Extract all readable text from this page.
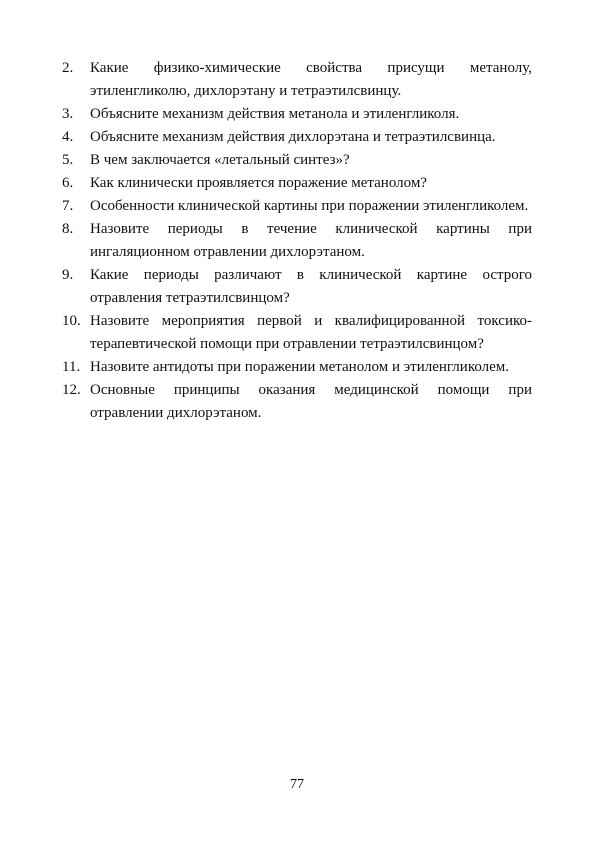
2.	Какие физико-химические свойства присущи метанолу, этиленгликолю, дихлорэтану и тетраэтилсвинцу.
3.	Объясните механизм действия метанола и этиленгликоля.
4.	Объясните механизм действия дихлорэтана и тетраэтилсвинца.
5.	В чем заключается «летальный синтез»?
6.	Как клинически проявляется поражение метанолом?
7.	Особенности клинической картины при поражении этиленгликолем.
8.	Назовите периоды в течение клинической картины при ингаляционном отравлении дихлорэтаном.
9.	Какие периоды различают в клинической картине острого отравления тетраэтилсвинцом?
10. Назовите мероприятия первой и квалифицированной токсико-терапевтической помощи при отравлении тетраэтилсвинцом?
11. Назовите антидоты при поражении метанолом и этиленгликолем.
12. Основные принципы оказания медицинской помощи при отравлении дихлорэтаном.
77
